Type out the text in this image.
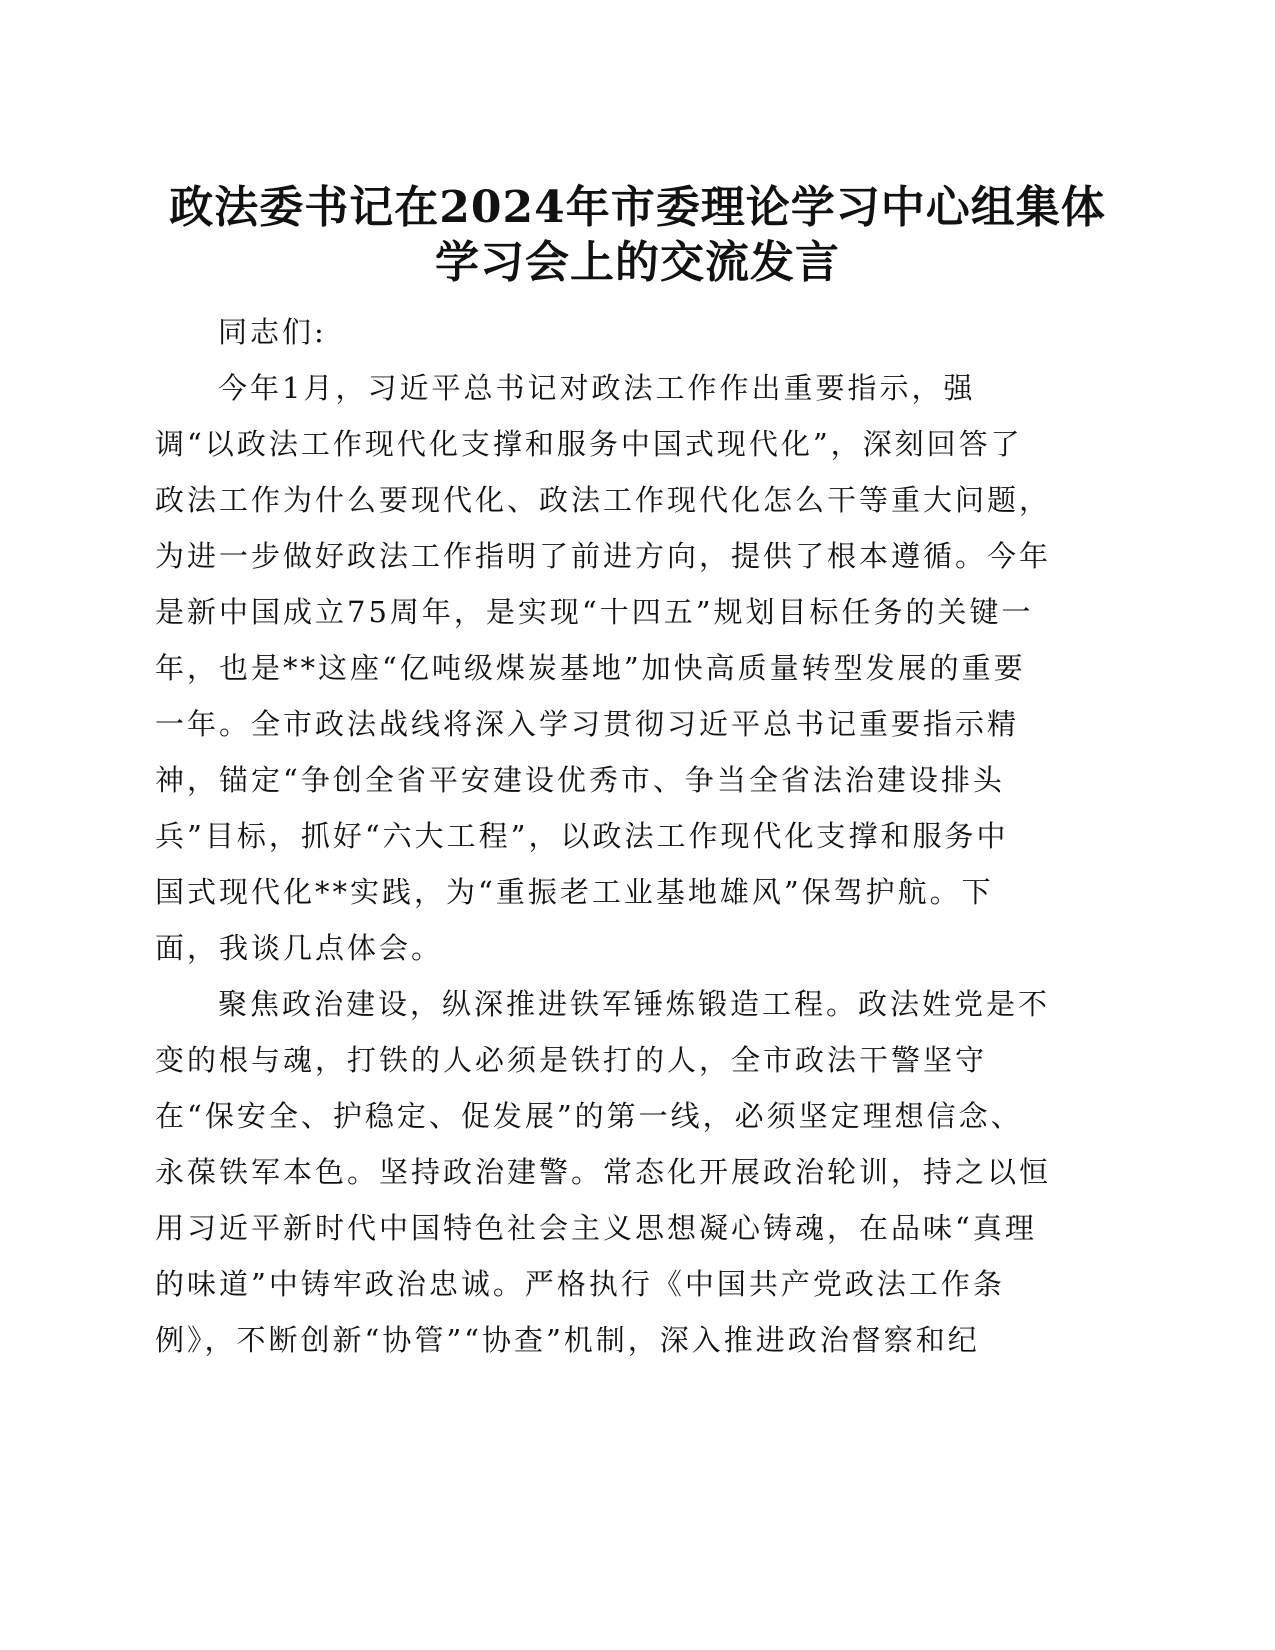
政法委书记在2024年市委理论学习中心组集体
学习会上的交流发言

同志们:

今年1月，习近平总书记对政法工作作出重要指示，强

调“以政法工作现代化支撑和服务中国式现代化”，深刻回答了

政法工作为什么要现代化、政法工作现代化怎么干等重大问题，

为进一步做好政法工作指明了前进方向，提供了根本遵循。今年

是新中国成立75周年，是实现“十四五”规划目标任务的关键一

年，也是**这座“亿吨级煤炭基地”加快高质量转型发展的重要

一年。全市政法战线将深入学习贯彻习近平总书记重要指示精

神，锚定“争创全省平安建设优秀市、争当全省法治建设排头

兵”目标，抓好“六大工程”，以政法工作现代化支撑和服务中

国式现代化**实践，为“重振老工业基地雄风”保驾护航。下

面，我谈几点体会。

聚焦政治建设，纵深推进铁军锤炼锻造工程。政法姓党是不

变的根与魂，打铁的人必须是铁打的人，全市政法干警坚守

在“保安全、护稳定、促发展”的第一线，必须坚定理想信念、

永葆铁军本色。坚持政治建警。常态化开展政治轮训，持之以恒

用习近平新时代中国特色社会主义思想凝心铸魂，在品味“真理

的味道”中铸牢政治忠诚。严格执行《中国共产党政法工作条

例》，不断创新“协管”“协查”机制，深入推进政治督察和纪
